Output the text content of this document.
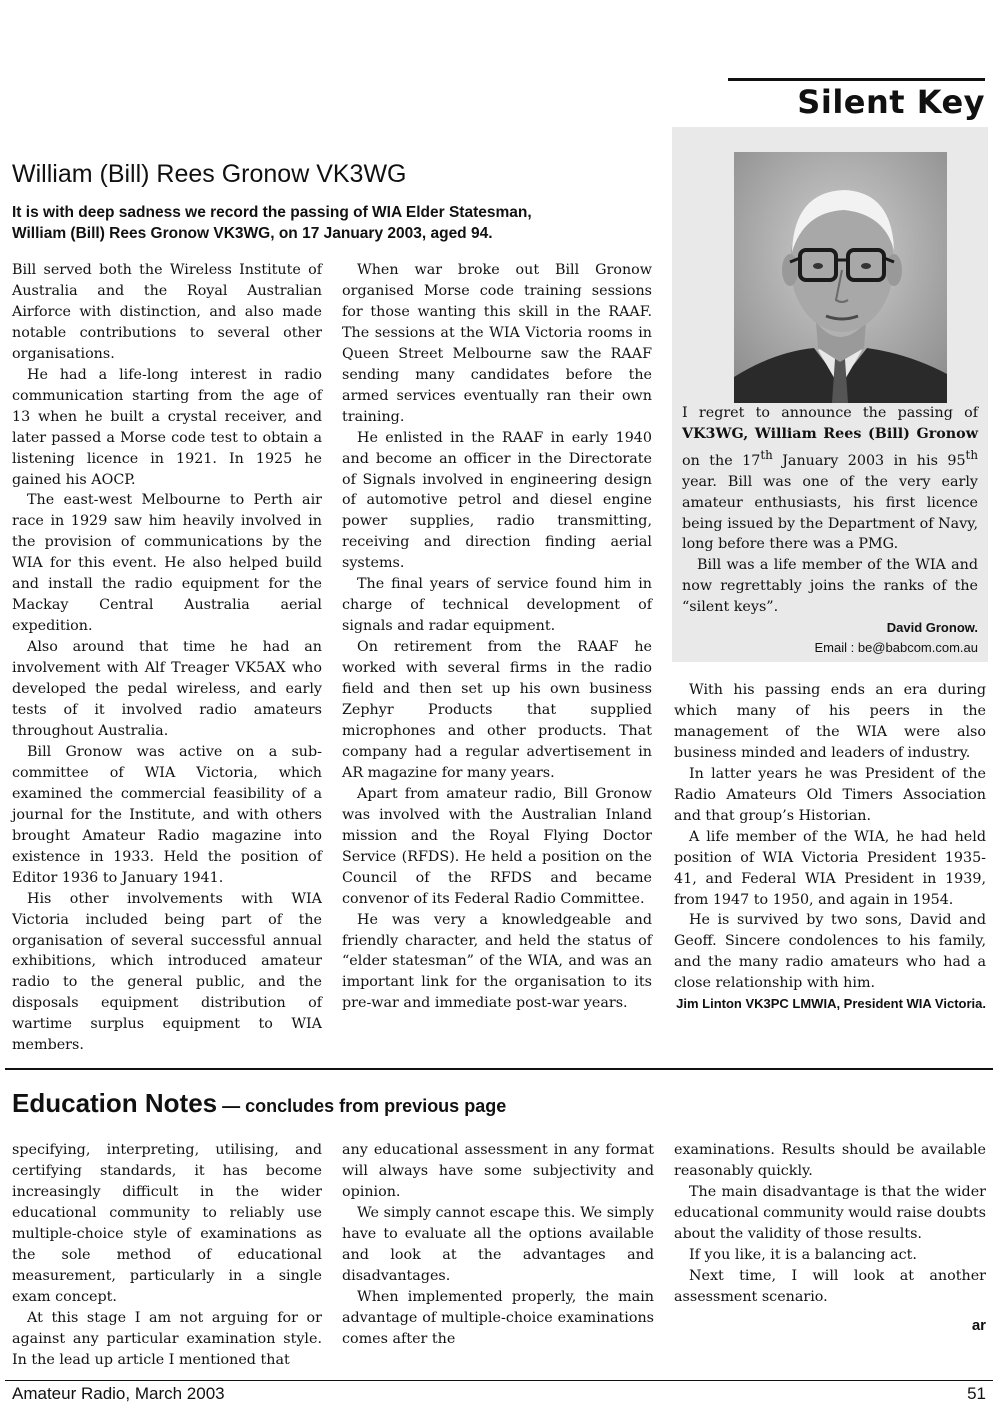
Silent Key
William (Bill) Rees Gronow VK3WG

It is with deep sadness we record the passing of WIA Elder Statesman,

William (Bill) Rees Gronow VK3WG, on 17 January 2003, aged 94.

Bill served both the Wireless Institute of Australia and the Royal Australian Airforce with distinction, and also made notable contributions to several other organisations.

He had a life-long interest in radio communication starting from the age of 13 when he built a crystal receiver, and later passed a Morse code test to obtain a listening licence in 1921. In 1925 he gained his AOCP.

The east-west Melbourne to Perth air race in 1929 saw him heavily involved in the provision of communications by the WIA for this event. He also helped build and install the radio equipment for the Mackay Central Australia aerial expedition.

Also around that time he had an involvement with Alf Treager VK5AX who developed the pedal wireless, and early tests of it involved radio amateurs throughout Australia.

Bill Gronow was active on a sub-committee of WIA Victoria, which examined the commercial feasibility of a journal for the Institute, and with others brought Amateur Radio magazine into existence in 1933. Held the position of Editor 1936 to January 1941.

His other involvements with WIA Victoria included being part of the organisation of several successful annual exhibitions, which introduced amateur radio to the general public, and the disposals equipment distribution of wartime surplus equipment to WIA members.

When war broke out Bill Gronow organised Morse code training sessions for those wanting this skill in the RAAF. The sessions at the WIA Victoria rooms in Queen Street Melbourne saw the RAAF sending many candidates before the armed services eventually ran their own training.

He enlisted in the RAAF in early 1940 and become an officer in the Directorate of Signals involved in engineering design of automotive petrol and diesel engine power supplies, radio transmitting, receiving and direction finding aerial systems.

The final years of service found him in charge of technical development of signals and radar equipment.

On retirement from the RAAF he worked with several firms in the radio field and then set up his own business Zephyr Products that supplied microphones and other products. That company had a regular advertisement in AR magazine for many years.

Apart from amateur radio, Bill Gronow was involved with the Australian Inland mission and the Royal Flying Doctor Service (RFDS). He held a position on the Council of the RFDS and became convenor of its Federal Radio Committee.

He was very a knowledgeable and friendly character, and held the status of “elder statesman” of the WIA, and was an important link for the organisation to its pre-war and immediate post-war years.

I regret to announce the passing of VK3WG, William Rees (Bill) Gronow on the 17th January 2003 in his 95th year. Bill was one of the very early amateur enthusiasts, his first licence being issued by the Department of Navy, long before there was a PMG.

Bill was a life member of the WIA and now regrettably joins the ranks of the “silent keys”.

David Gronow.
Email : be@babcom.com.au

With his passing ends an era during which many of his peers in the management of the WIA were also business minded and leaders of industry.

In latter years he was President of the Radio Amateurs Old Timers Association and that group’s Historian.

A life member of the WIA, he had held position of WIA Victoria President 1935-41, and Federal WIA President in 1939, from 1947 to 1950, and again in 1954.

He is survived by two sons, David and Geoff. Sincere condolences to his family, and the many radio amateurs who had a close relationship with him.

Jim Linton VK3PC LMWIA, President WIA Victoria.
Education Notes — concludes from previous page

specifying, interpreting, utilising, and certifying standards, it has become increasingly difficult in the wider educational community to reliably use multiple-choice style of examinations as the sole method of educational measurement, particularly in a single exam concept.

At this stage I am not arguing for or against any particular examination style. In the lead up article I mentioned that

any educational assessment in any format will always have some subjectivity and opinion.

We simply cannot escape this. We simply have to evaluate all the options available and look at the advantages and disadvantages.

When implemented properly, the main advantage of multiple-choice examinations comes after the

examinations. Results should be available reasonably quickly.

The main disadvantage is that the wider educational community would raise doubts about the validity of those results.

If you like, it is a balancing act.

Next time, I will look at another assessment scenario.

ar
Amateur Radio, March 2003	51
